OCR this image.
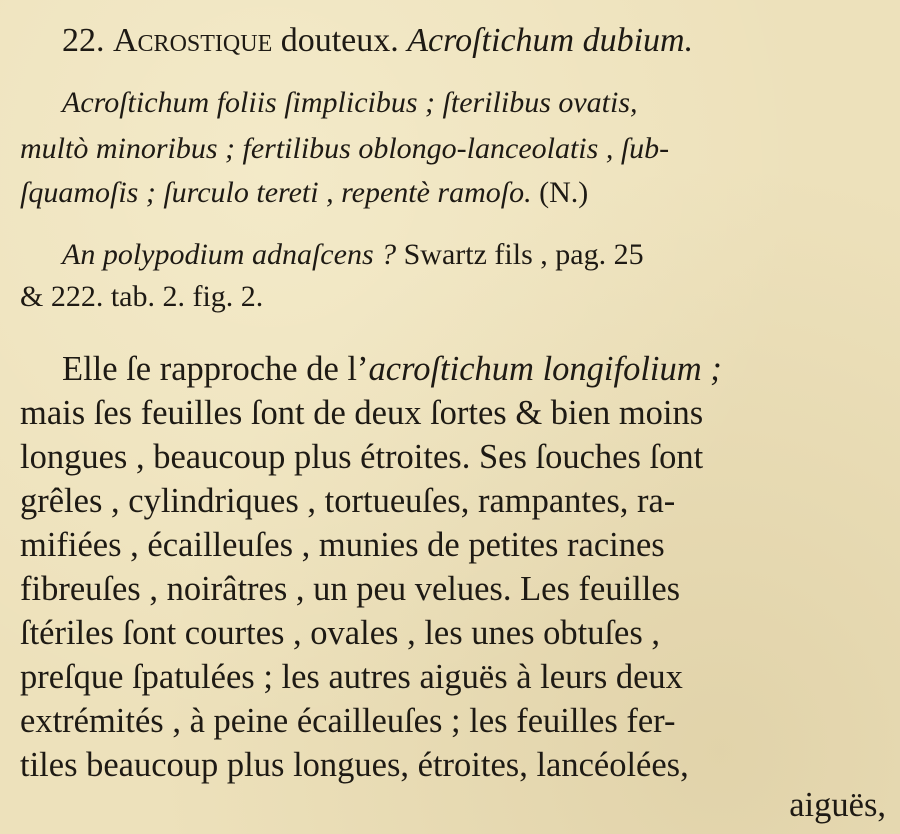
22. Acrostique douteux. Acroſtichum dubium.
Acroſtichum foliis ſimplicibus ; ſterilibus ovatis,
multò minoribus ; fertilibus oblongo-lanceolatis , ſub-
ſquamoſis ; ſurculo tereti , repentè ramoſo. (N.)
An polypodium adnaſcens ? Swartz fils , pag. 25
& 222. tab. 2. fig. 2.
Elle ſe rapproche de l’acroſtichum longifolium ;
mais ſes feuilles ſont de deux ſortes & bien moins
longues , beaucoup plus étroites. Ses ſouches ſont
grêles , cylindriques , tortueuſes, rampantes, ra-
mifiées , écailleuſes , munies de petites racines
fibreuſes , noirâtres , un peu velues. Les feuilles
ſtériles ſont courtes , ovales , les unes obtuſes ,
preſque ſpatulées ; les autres aiguës à leurs deux
extrémités , à peine écailleuſes ; les feuilles fer-
tiles beaucoup plus longues, étroites, lancéolées,
aiguës,
